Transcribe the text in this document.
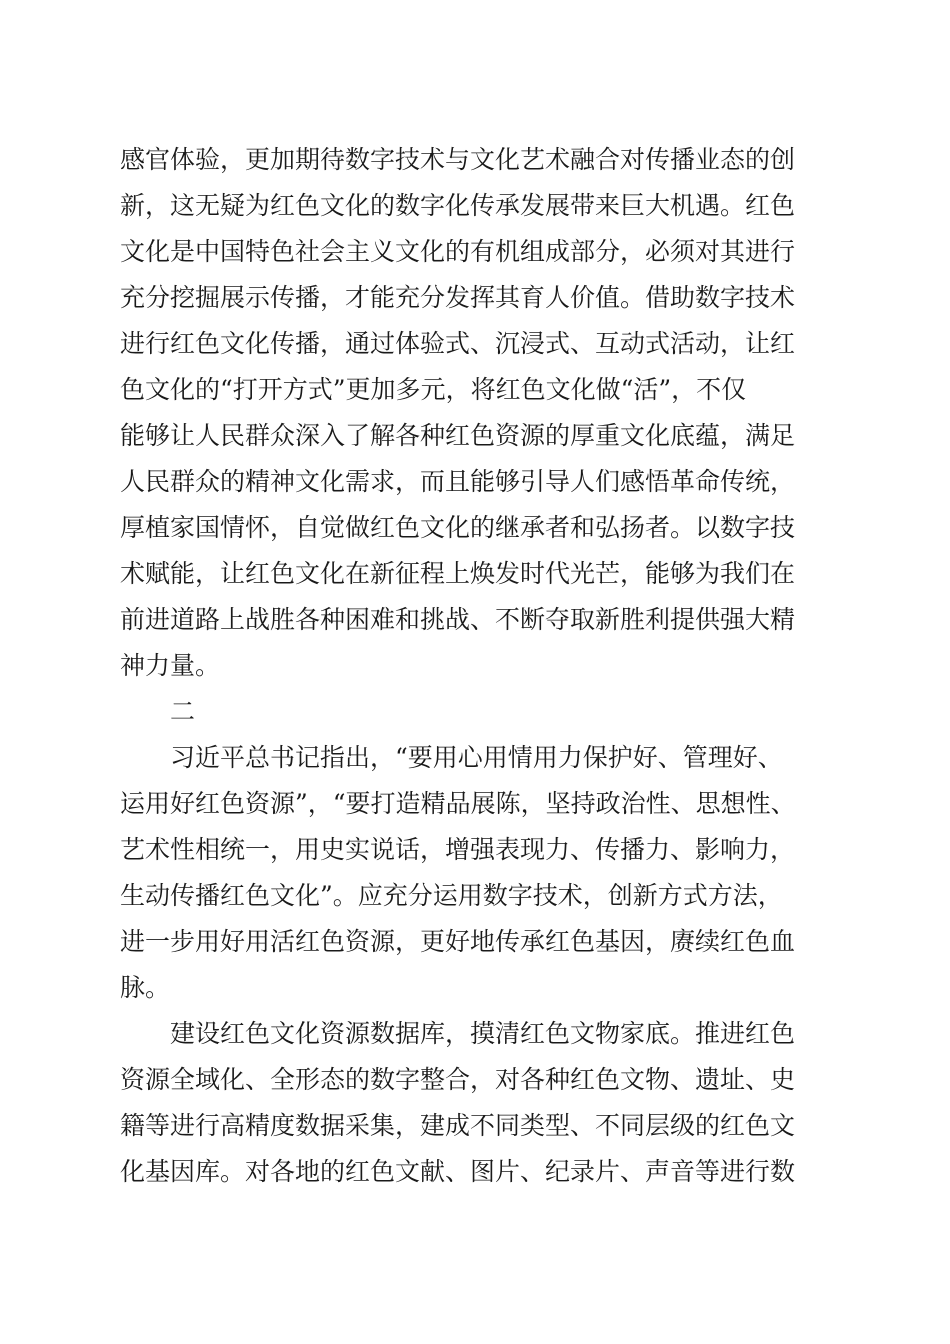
感官体验，更加期待数字技术与文化艺术融合对传播业态的创
新，这无疑为红色文化的数字化传承发展带来巨大机遇。红色
文化是中国特色社会主义文化的有机组成部分，必须对其进行
充分挖掘展示传播，才能充分发挥其育人价值。借助数字技术
进行红色文化传播，通过体验式、沉浸式、互动式活动，让红
色文化的“打开方式”更加多元，将红色文化做“活”，不仅
能够让人民群众深入了解各种红色资源的厚重文化底蕴，满足
人民群众的精神文化需求，而且能够引导人们感悟革命传统，
厚植家国情怀，自觉做红色文化的继承者和弘扬者。以数字技
术赋能，让红色文化在新征程上焕发时代光芒，能够为我们在
前进道路上战胜各种困难和挑战、不断夺取新胜利提供强大精
神力量。
二
习近平总书记指出，“要用心用情用力保护好、管理好、
运用好红色资源”，“要打造精品展陈，坚持政治性、思想性、
艺术性相统一，用史实说话，增强表现力、传播力、影响力，
生动传播红色文化”。应充分运用数字技术，创新方式方法，
进一步用好用活红色资源，更好地传承红色基因，赓续红色血
脉。
建设红色文化资源数据库，摸清红色文物家底。推进红色
资源全域化、全形态的数字整合，对各种红色文物、遗址、史
籍等进行高精度数据采集，建成不同类型、不同层级的红色文
化基因库。对各地的红色文献、图片、纪录片、声音等进行数
